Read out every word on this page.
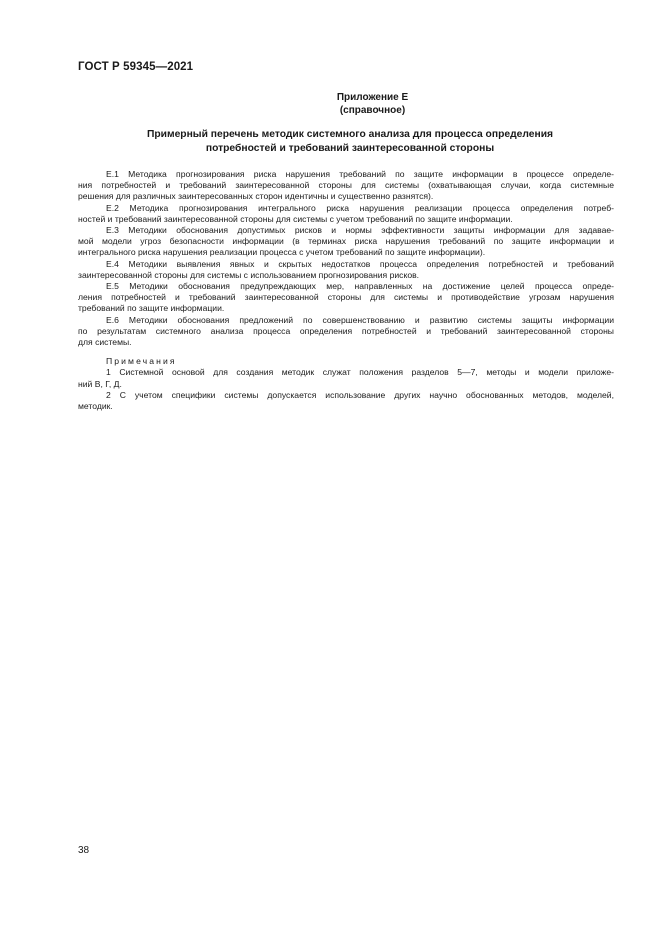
ГОСТ Р 59345—2021
Приложение Е
(справочное)
Примерный перечень методик системного анализа для процесса определения
потребностей и требований заинтересованной стороны
Е.1 Методика прогнозирования риска нарушения требований по защите информации в процессе определе-
ния потребностей и требований заинтересованной стороны для системы (охватывающая случаи, когда системные
решения для различных заинтересованных сторон идентичны и существенно разнятся).
Е.2 Методика прогнозирования интегрального риска нарушения реализации процесса определения потреб-
ностей и требований заинтересованной стороны для системы с учетом требований по защите информации.
Е.3 Методики обоснования допустимых рисков и нормы эффективности защиты информации для задавае-
мой модели угроз безопасности информации (в терминах риска нарушения требований по защите информации и
интегрального риска нарушения реализации процесса с учетом требований по защите информации).
Е.4 Методики выявления явных и скрытых недостатков процесса определения потребностей и требований
заинтересованной стороны для системы с использованием прогнозирования рисков.
Е.5 Методики обоснования предупреждающих мер, направленных на достижение целей процесса опреде-
ления потребностей и требований заинтересованной стороны для системы и противодействие угрозам нарушения
требований по защите информации.
Е.6 Методики обоснования предложений по совершенствованию и развитию системы защиты информации
по результатам системного анализа процесса определения потребностей и требований заинтересованной стороны
для системы.
Примечания
1 Системной основой для создания методик служат положения разделов 5—7, методы и модели приложе-
ний В, Г, Д.
2 С учетом специфики системы допускается использование других научно обоснованных методов, моделей,
методик.
38
